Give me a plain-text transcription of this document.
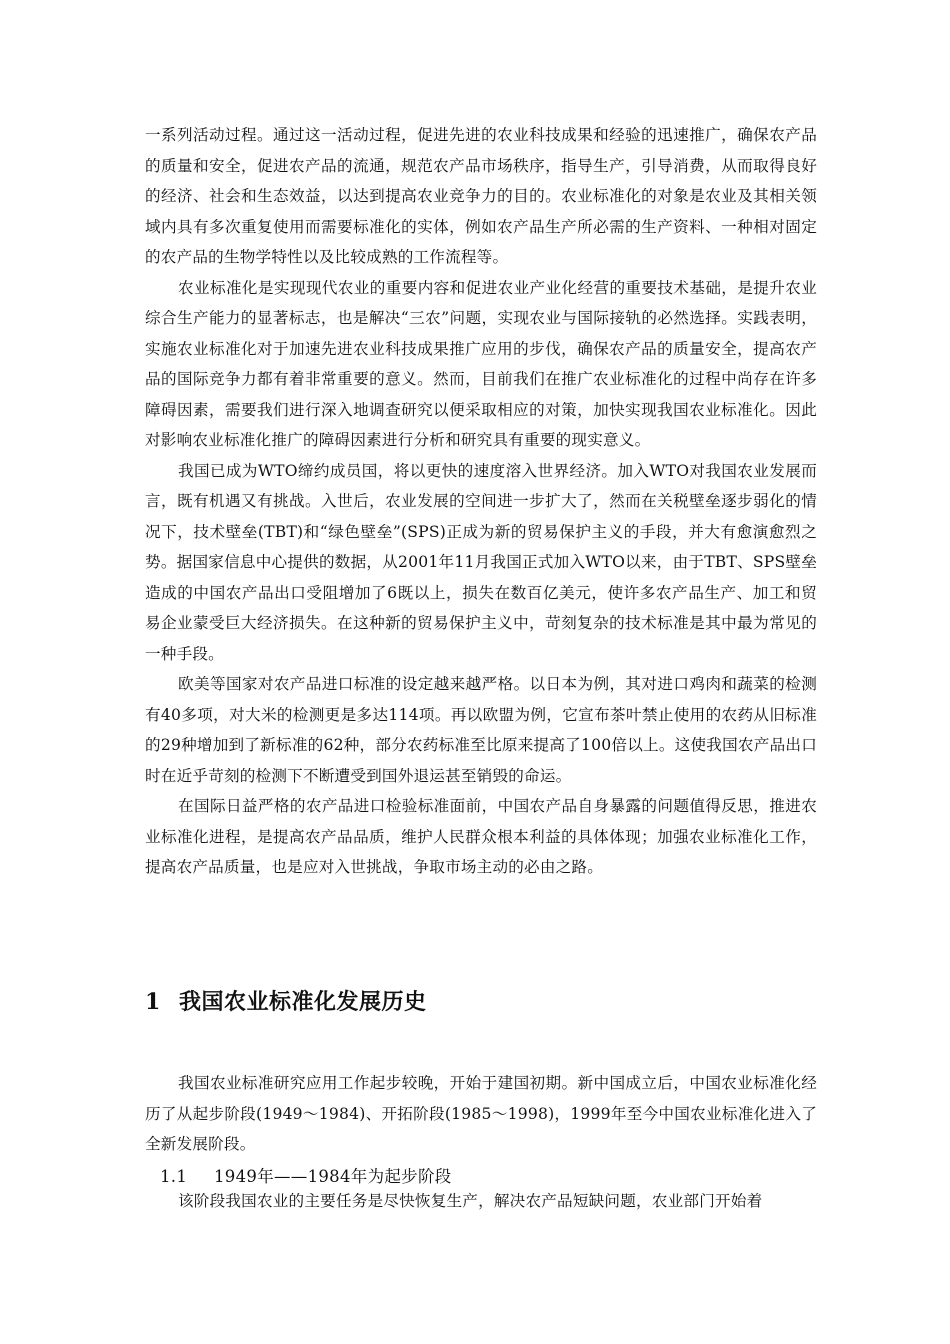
一系列活动过程。通过这一活动过程，促进先进的农业科技成果和经验的迅速推广，确保农产品的质量和安全，促进农产品的流通，规范农产品市场秩序，指导生产，引导消费，从而取得良好的经济、社会和生态效益，以达到提高农业竞争力的目的。农业标准化的对象是农业及其相关领域内具有多次重复使用而需要标准化的实体，例如农产品生产所必需的生产资料、一种相对固定的农产品的生物学特性以及比较成熟的工作流程等。

农业标准化是实现现代农业的重要内容和促进农业产业化经营的重要技术基础，是提升农业综合生产能力的显著标志，也是解决“三农”问题，实现农业与国际接轨的必然选择。实践表明，实施农业标准化对于加速先进农业科技成果推广应用的步伐，确保农产品的质量安全，提高农产品的国际竞争力都有着非常重要的意义。然而，目前我们在推广农业标准化的过程中尚存在许多障碍因素，需要我们进行深入地调查研究以便采取相应的对策，加快实现我国农业标准化。因此对影响农业标准化推广的障碍因素进行分析和研究具有重要的现实意义。

我国已成为WTO缔约成员国，将以更快的速度溶入世界经济。加入WTO对我国农业发展而言，既有机遇又有挑战。入世后，农业发展的空间进一步扩大了，然而在关税壁垒逐步弱化的情况下，技术壁垒(TBT)和“绿色壁垒”(SPS)正成为新的贸易保护主义的手段，并大有愈演愈烈之势。据国家信息中心提供的数据，从2001年11月我国正式加入WTO以来，由于TBT、SPS壁垒造成的中国农产品出口受阻增加了6既以上，损失在数百亿美元，使许多农产品生产、加工和贸易企业蒙受巨大经济损失。在这种新的贸易保护主义中，苛刻复杂的技术标准是其中最为常见的一种手段。

欧美等国家对农产品进口标准的设定越来越严格。以日本为例，其对进口鸡肉和蔬菜的检测有40多项，对大米的检测更是多达114项。再以欧盟为例，它宣布茶叶禁止使用的农药从旧标准的29种增加到了新标准的62种，部分农药标准至比原来提高了100倍以上。这使我国农产品出口时在近乎苛刻的检测下不断遭受到国外退运甚至销毁的命运。

在国际日益严格的农产品进口检验标准面前，中国农产品自身暴露的问题值得反思，推进农业标准化进程，是提高农产品品质，维护人民群众根本利益的具体体现；加强农业标准化工作，提高农产品质量，也是应对入世挑战，争取市场主动的必由之路。

1 我国农业标准化发展历史

我国农业标准研究应用工作起步较晚，开始于建国初期。新中国成立后，中国农业标准化经历了从起步阶段(1949～1984)、开拓阶段(1985～1998)，1999年至今中国农业标准化进入了全新发展阶段。

1.1 1949年——1984年为起步阶段

该阶段我国农业的主要任务是尽快恢复生产，解决农产品短缺问题，农业部门开始着
